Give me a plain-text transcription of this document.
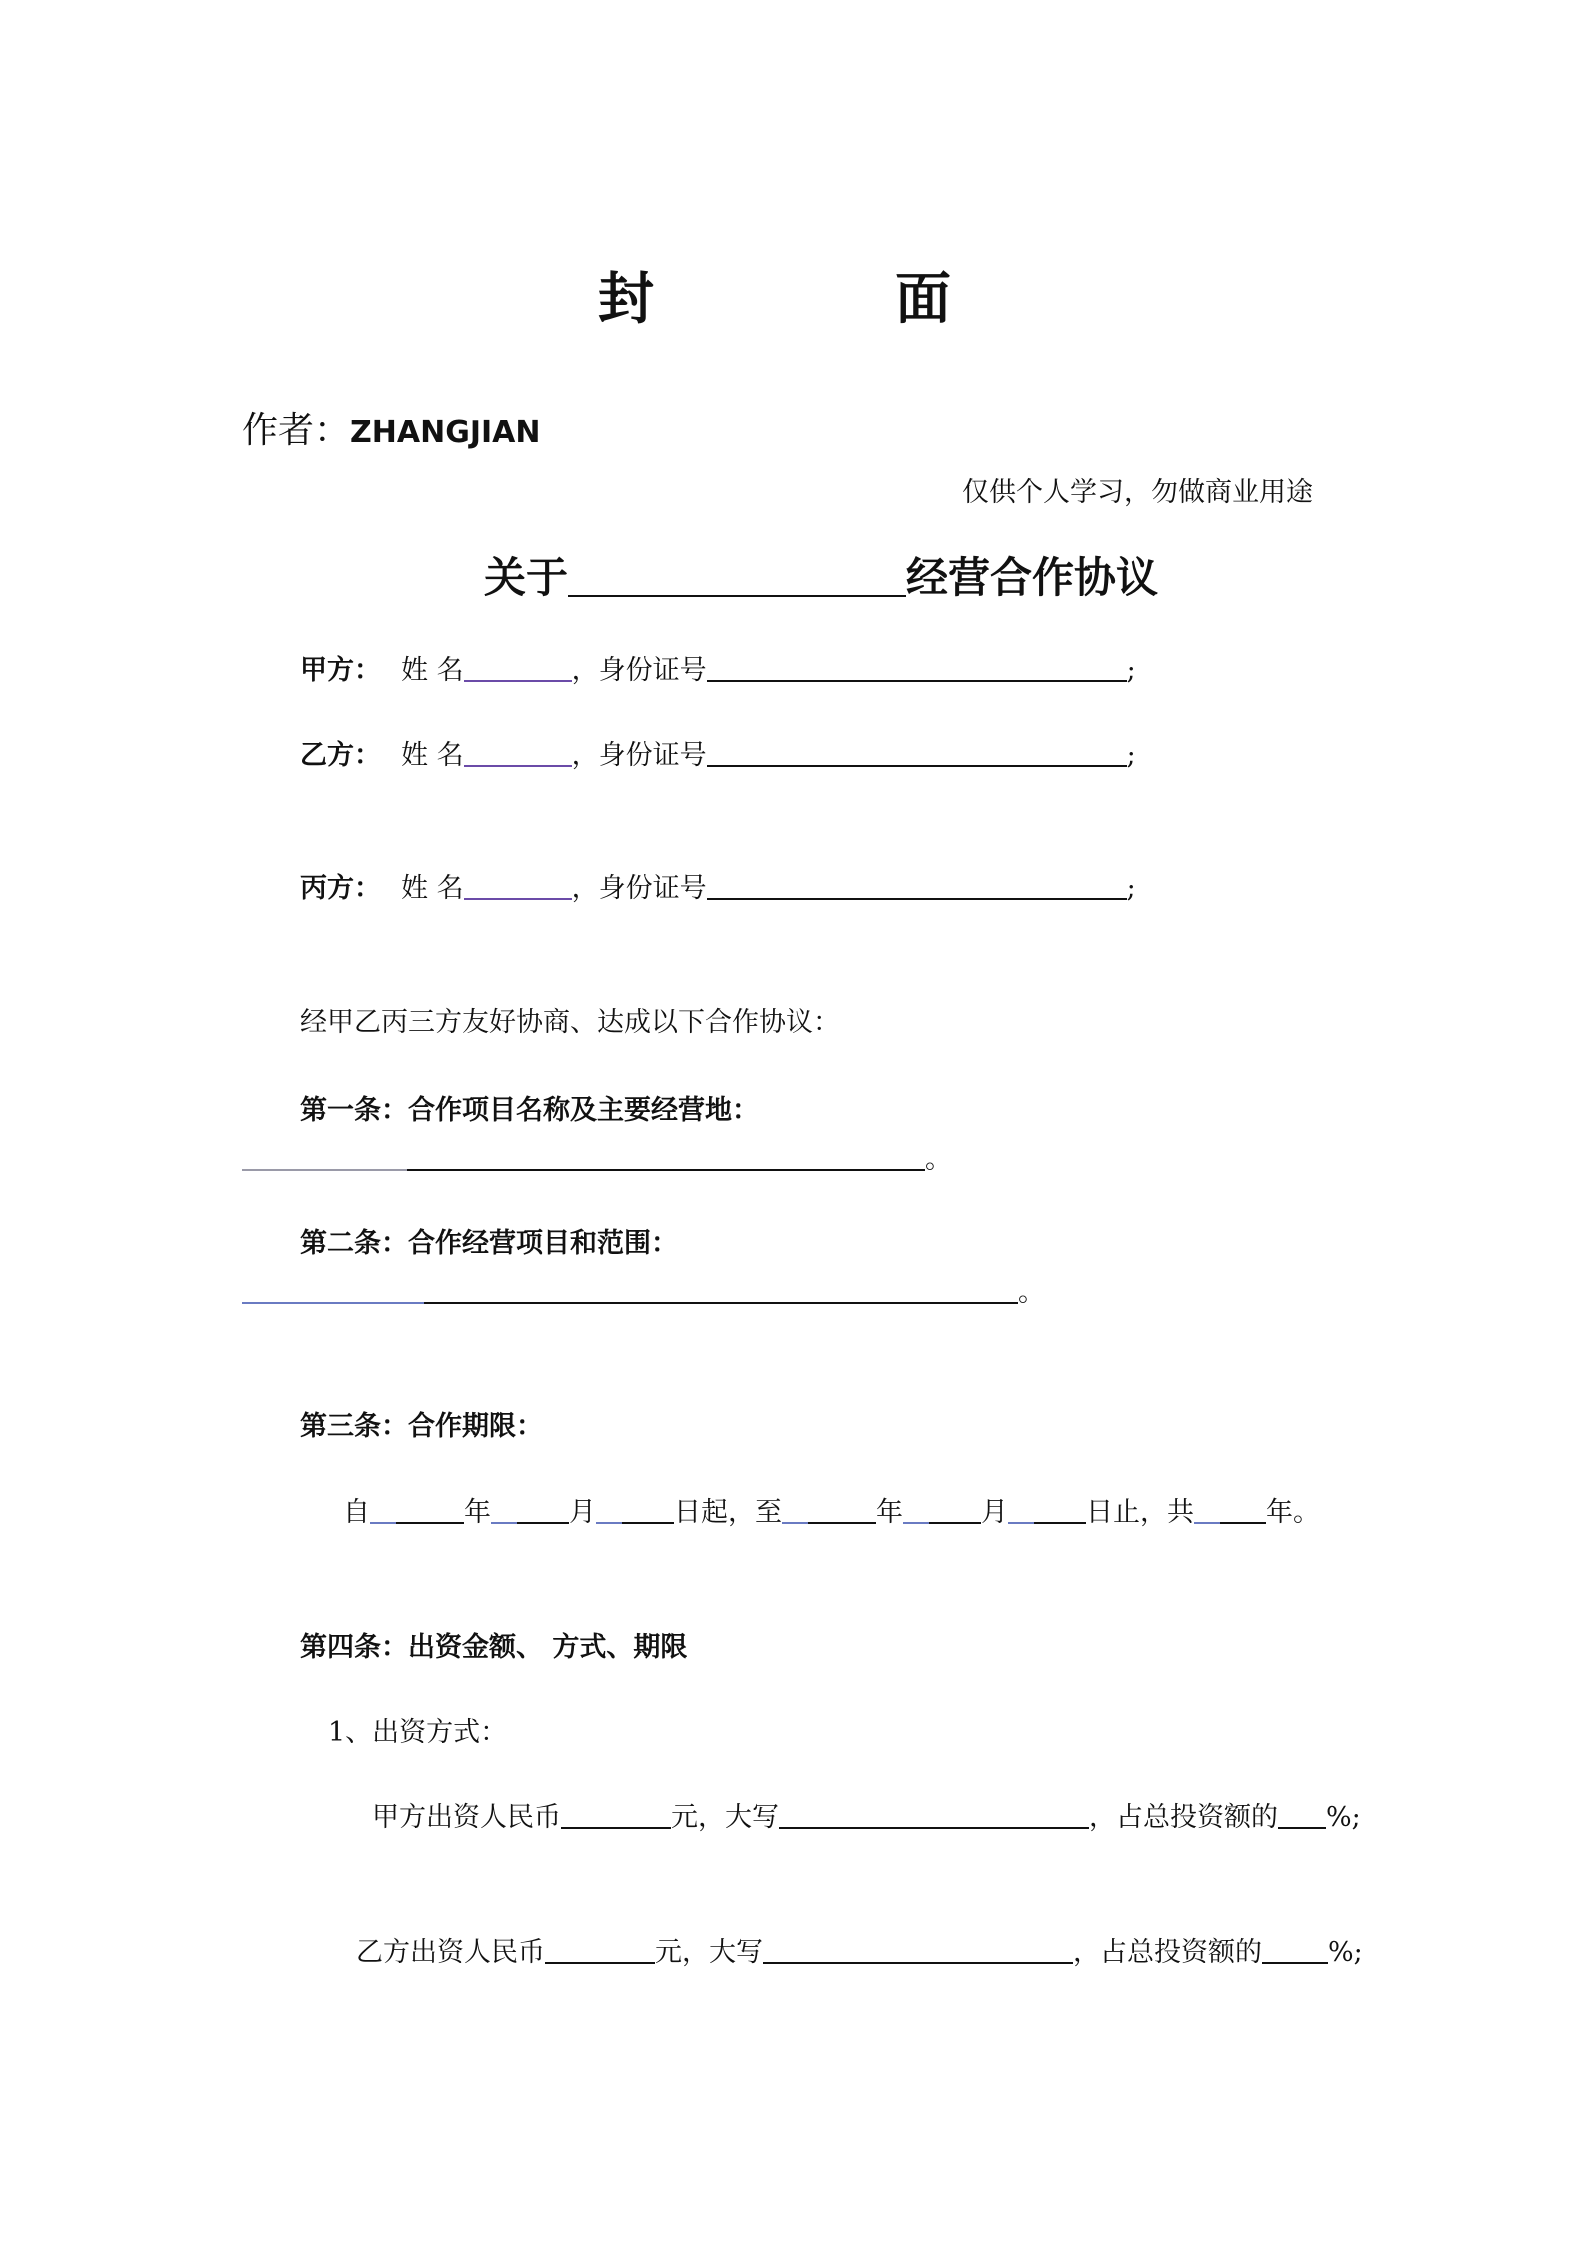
封	面
作者：ZHANGJIAN
仅供个人学习，勿做商业用途
关于	经营合作协议
甲方： 姓 名	，身份证号	;
乙方： 姓 名	，身份证号	;
丙方： 姓 名	，身份证号	;
经甲乙丙三方友好协商、达成以下合作协议：
第一条：合作项目名称及主要经营地：
。
第二条：合作经营项目和范围：
。
第三条：合作期限：
自	年	月	日起，至	年	月	日止，共	年。
第四条：出资金额、 方式、期限
1、出资方式：
甲方出资人民币	元，大写	，占总投资额的 %;
乙方出资人民币	元，大写	，占总投资额的 %;
